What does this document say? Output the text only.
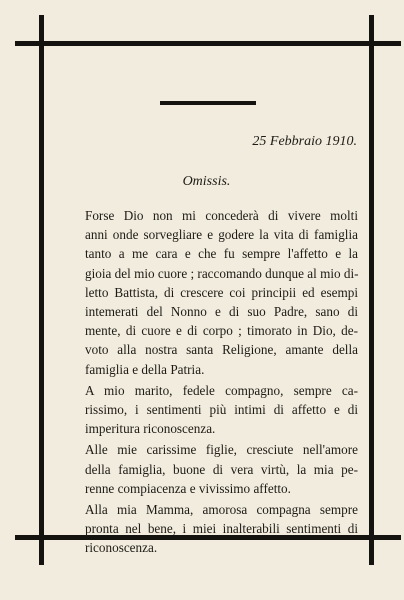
25 Febbraio 1910.
Omissis.
Forse Dio non mi concederà di vivere molti
anni onde sorvegliare e godere la vita di famiglia
tanto a me cara e che fu sempre l'affetto e la
gioia del mio cuore ; raccomando dunque al mio di-
letto Battista, di crescere coi principii ed esempi
intemerati del Nonno e di suo Padre, sano di
mente, di cuore e di corpo ; timorato in Dio, de-
voto alla nostra santa Religione, amante della
famiglia e della Patria.
A mio marito, fedele compagno, sempre ca-
rissimo, i sentimenti più intimi di affetto e di
imperitura riconoscenza.
Alle mie carissime figlie, cresciute nell'amore
della famiglia, buone di vera virtù, la mia pe-
renne compiacenza e vivissimo affetto.
Alla mia Mamma, amorosa compagna sempre
pronta nel bene, i miei inalterabili sentimenti di
riconoscenza.
